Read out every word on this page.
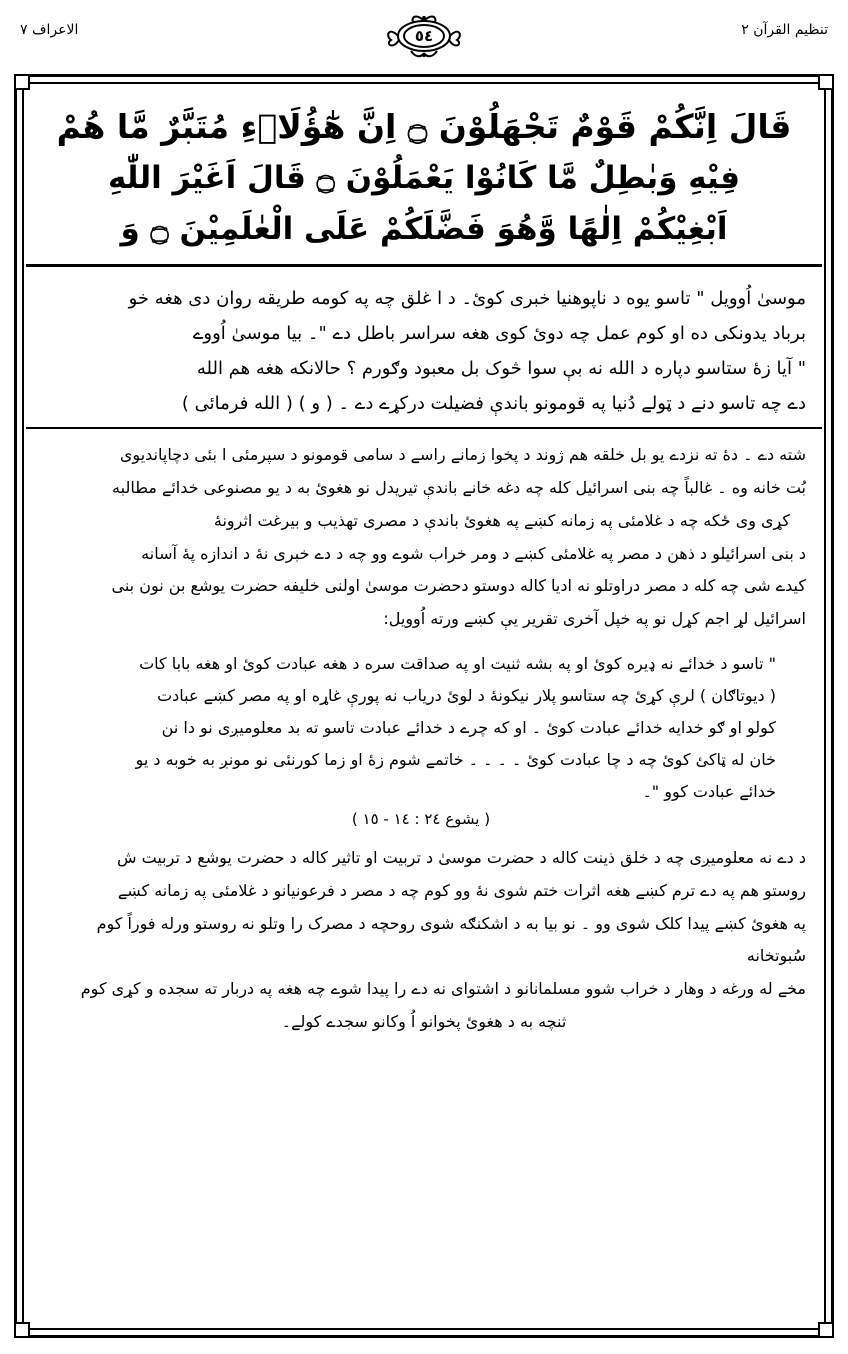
تنظیم القرآن ٢
الاعراف ٧	٥٤
قَالَ اِنَّكُمْ قَوْمٌ تَجْهَلُوْنَ ۝ اِنَّ هٰٓؤُلَاۗءِ مُتَبَّرٌ مَّا هُمْ
فِيْهِ وَبٰطِلٌ مَّا كَانُوْا يَعْمَلُوْنَ ۝ قَالَ اَغَيْرَ اللّٰهِ
اَبْغِيْكُمْ اِلٰهًا وَّهُوَ فَضَّلَكُمْ عَلَى الْعٰلَمِيْنَ ۝ وَ
موسیٰ اُوویل " تاسو یوه د ناپوهنیا خبری کوئ۔ د ا غلق چه په کومه طریقه روان دی هغه خو
برباد یدونکی ده او کوم عمل چه دوئ کوی هغه سراسر باطل دے "۔ بیا موسیٰ اُووے
" آیا زهٔ ستاسو دپاره د الله نه بې سوا څوک بل معبود وګورم ؟ حالانکه هغه هم الله
دے چه تاسو دنے د ټولے دُنیا په قومونو باندې فضیلت درکړے دے ۔ ( و ) ( الله فرمائی )
شته دے ۔ دهٔ ته نزدے یو بل خلقه هم ژوند د پخوا زمانے راسے د سامی قومونو د سپرمئی ا بئی دچاپاندیوی
بُت خانه وه ۔ غالباً چه بنی اسرائیل کله چه دغه خانے باندې تیریدل نو هغوئ به د یو مصنوعی خدائے مطالبه
کړی وی ځکه چه د غلامئی په زمانه کښے په هغوئ باندې د مصری تهذیب و بیرغت اثرونهٔ
د بنی اسرائیلو د ذهن د مصر په غلامئی کښے د ومر خراب شوے وو چه د دے خبری نهٔ د اندازه پهٔ آسانه
کیدے شی چه کله د مصر دراوتلو نه ادیا کاله دوستو دحضرت موسیٰ اولنی خلیفه حضرت یوشع بن نون بنی
اسرائیل لړ اجم کړل نو په خپل آخری تقریر یې کښے ورته اُوویل:
" تاسو د خدائے نه ډیره کوئ او په بشه ثنیت او په صداقت سره د هغه عبادت کوئ او هغه بابا کات
( دیوتاګان ) لرې کړئ چه ستاسو پلار نیکونهٔ د لوئ دریاب نه پورې غاړه او په مصر کښے عبادت
کولو او ګو خدایه خدائے عبادت کوئ ۔ او که چرے د خدائے عبادت تاسو ته بد معلومیږی نو دا نن
خان له ټاکئ کوئ چه د چا عبادت کوئ ۔ ۔ ۔ ۔ خاتمے شوم زهٔ او زما کورنئی نو مونږ به خوبه د یو
خدائے عبادت کوو "۔
( یشوع ٢٤ : ١٤ - ١٥ )
د دے نه معلومیږی چه د خلق ذینت کاله د حضرت موسیٰ د تربیت او تاثیر کاله د حضرت یوشع د تربیت ش
روستو هم په دے ترم کښے هغه اثرات ختم شوی نهٔ وو کوم چه د مصر د فرعونیانو د غلامئی په زمانه کښے
په هغوئ کښے پیدا کلک شوی وو ۔ نو بیا به د اشکنګه شوی روحچه د مصرک را وتلو نه روستو ورله فوراً کوم سُبوتخانه
مخے له ورغه د وهار د خراب شوو مسلمانانو د اشتوای نه دے را پیدا شوے چه هغه په دربار ته سجده و کړی کوم
ثنچه به د هغوئ پخوانو اُ وکانو سجدے کولے۔
